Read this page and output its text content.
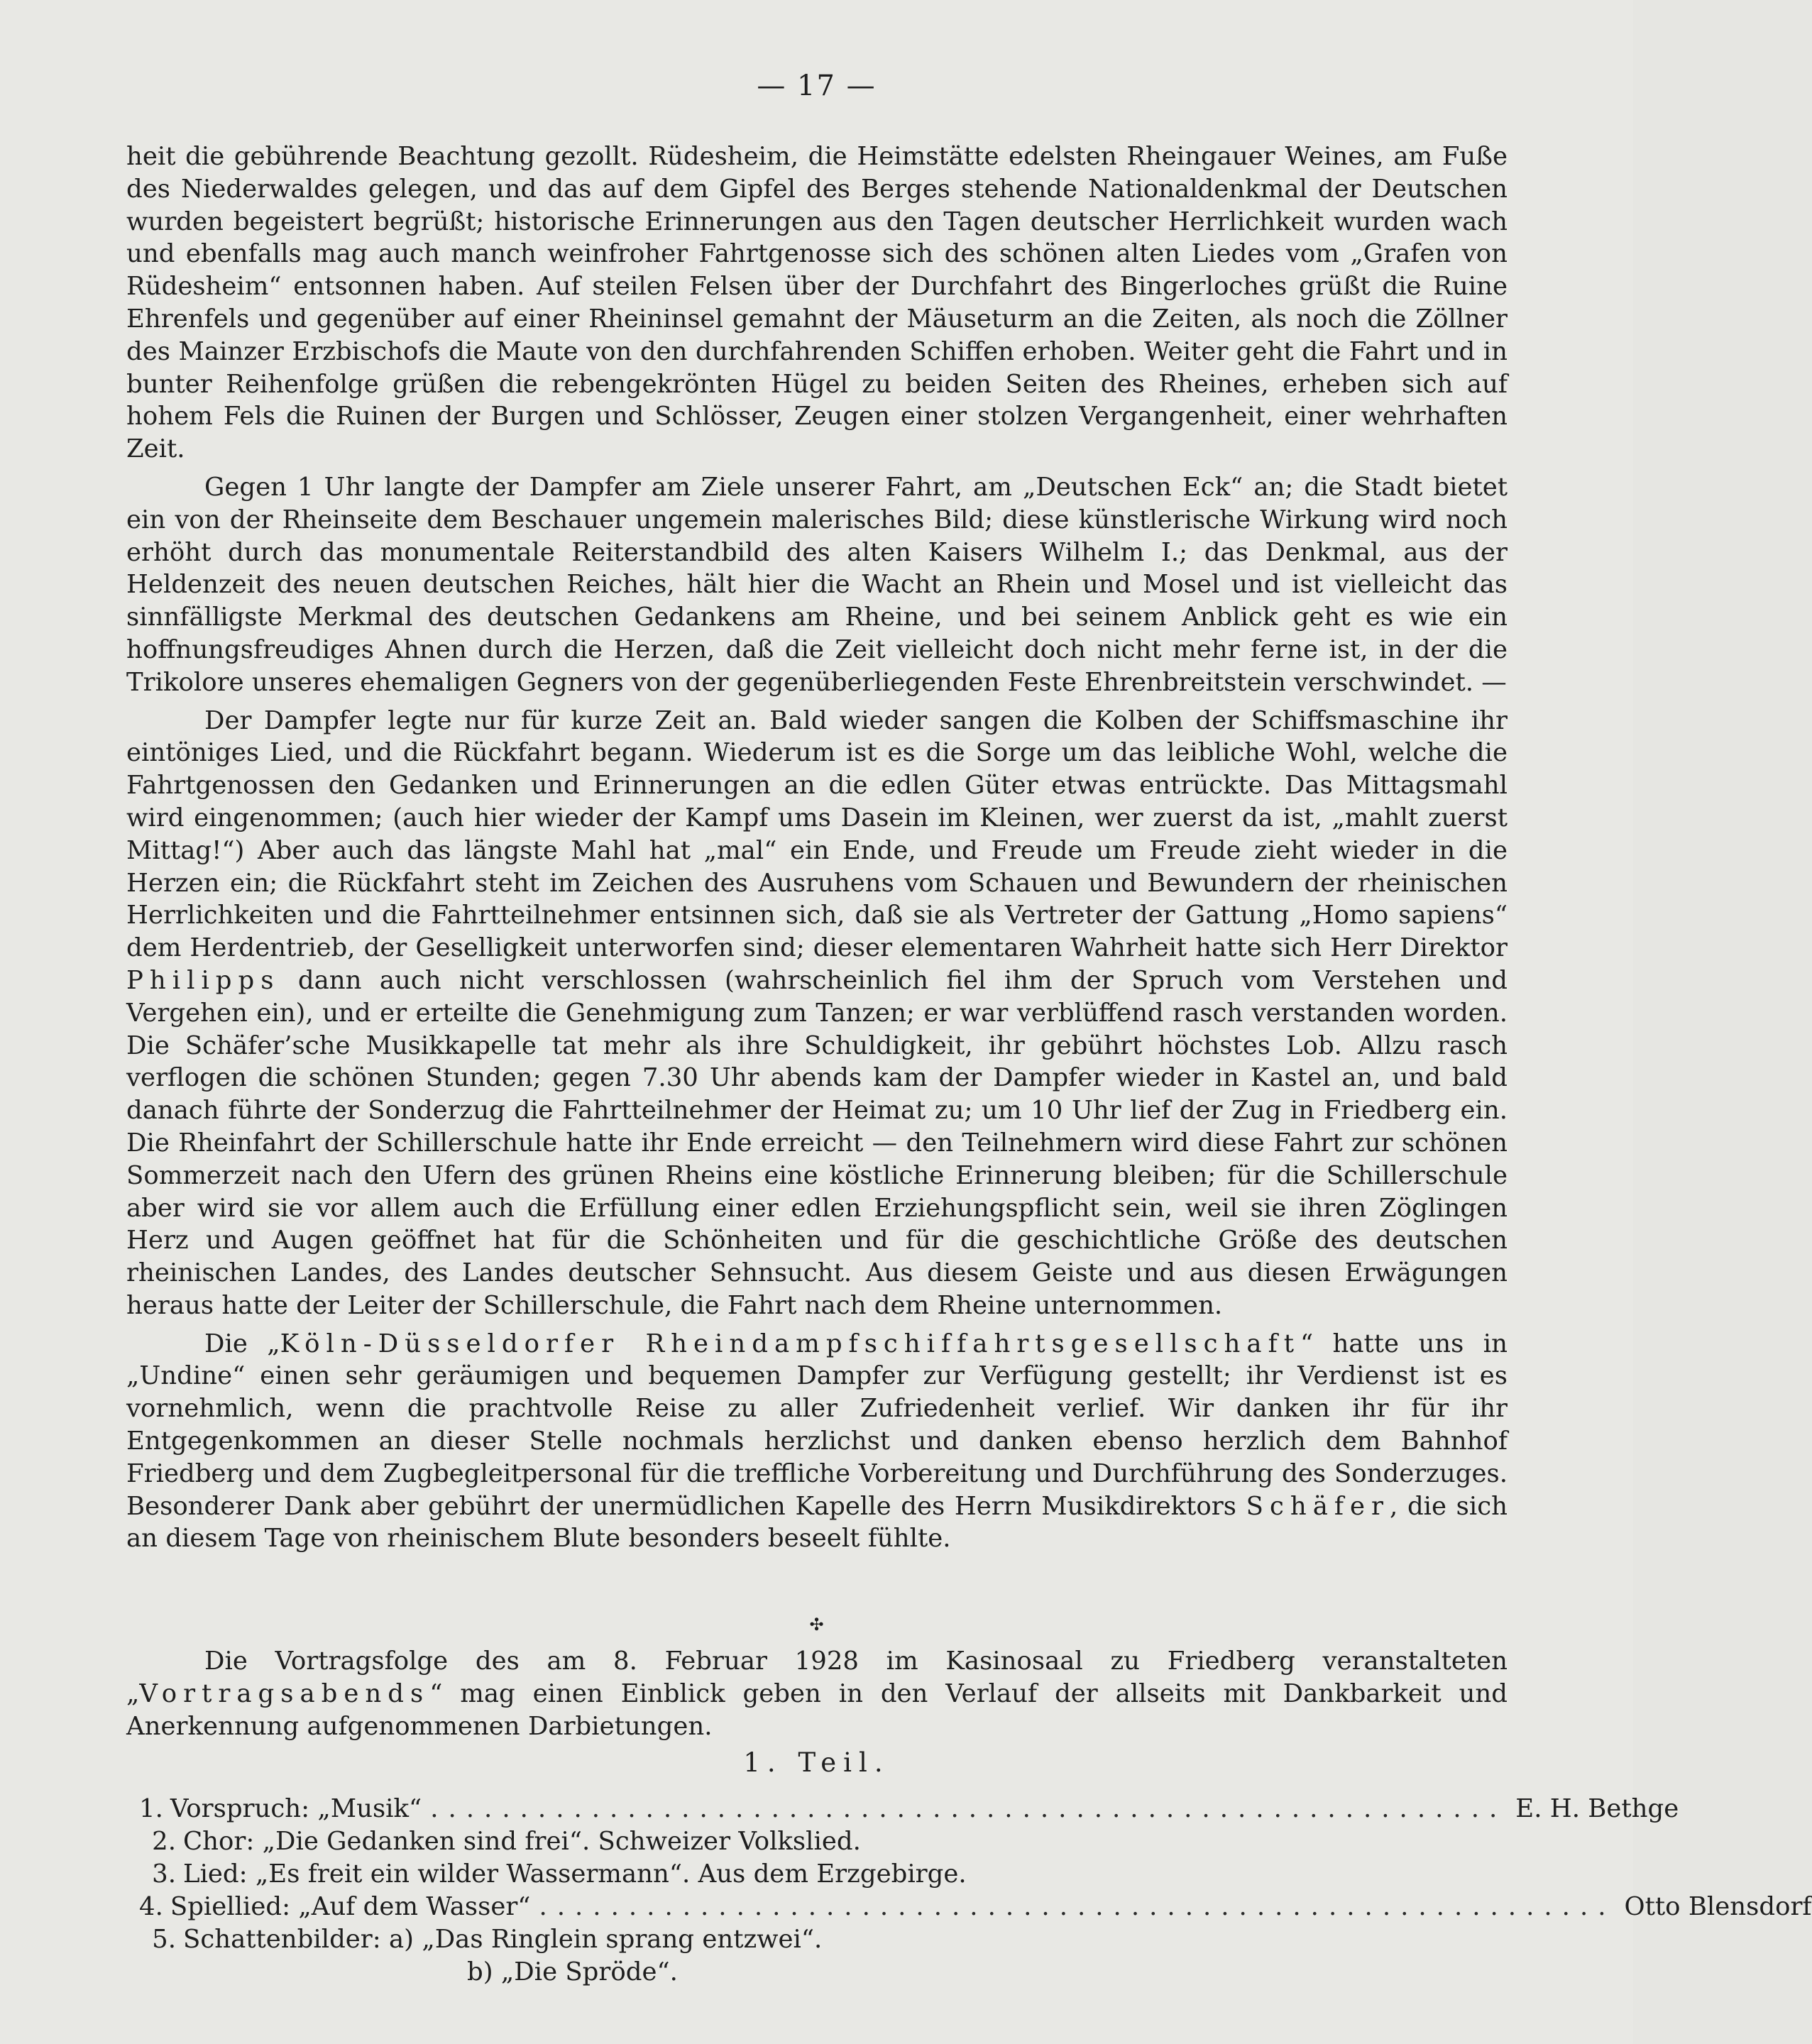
— 17 —

heit die gebührende Beachtung gezollt. Rüdesheim, die Heimstätte edelsten Rheingauer Weines, am Fuße des Niederwaldes gelegen, und das auf dem Gipfel des Berges stehende Nationaldenkmal der Deutschen wurden begeistert begrüßt; historische Erinnerungen aus den Tagen deutscher Herrlichkeit wurden wach und ebenfalls mag auch manch weinfroher Fahrtgenosse sich des schönen alten Liedes vom „Grafen von Rüdesheim“ entsonnen haben. Auf steilen Felsen über der Durchfahrt des Bingerloches grüßt die Ruine Ehrenfels und gegenüber auf einer Rheininsel gemahnt der Mäuseturm an die Zeiten, als noch die Zöllner des Mainzer Erzbischofs die Maute von den durchfahrenden Schiffen erhoben. Weiter geht die Fahrt und in bunter Reihenfolge grüßen die rebengekrönten Hügel zu beiden Seiten des Rheines, erheben sich auf hohem Fels die Ruinen der Burgen und Schlösser, Zeugen einer stolzen Vergangenheit, einer wehrhaften Zeit.

Gegen 1 Uhr langte der Dampfer am Ziele unserer Fahrt, am „Deutschen Eck“ an; die Stadt bietet ein von der Rheinseite dem Beschauer ungemein malerisches Bild; diese künstlerische Wirkung wird noch erhöht durch das monumentale Reiterstandbild des alten Kaisers Wilhelm I.; das Denkmal, aus der Heldenzeit des neuen deutschen Reiches, hält hier die Wacht an Rhein und Mosel und ist vielleicht das sinnfälligste Merkmal des deutschen Gedankens am Rheine, und bei seinem Anblick geht es wie ein hoffnungsfreudiges Ahnen durch die Herzen, daß die Zeit vielleicht doch nicht mehr ferne ist, in der die Trikolore unseres ehemaligen Gegners von der gegenüberliegenden Feste Ehrenbreitstein verschwindet. —

Der Dampfer legte nur für kurze Zeit an. Bald wieder sangen die Kolben der Schiffsmaschine ihr eintöniges Lied, und die Rückfahrt begann. Wiederum ist es die Sorge um das leibliche Wohl, welche die Fahrtgenossen den Gedanken und Erinnerungen an die edlen Güter etwas entrückte. Das Mittagsmahl wird eingenommen; (auch hier wieder der Kampf ums Dasein im Kleinen, wer zuerst da ist, „mahlt zuerst Mittag!“) Aber auch das längste Mahl hat „mal“ ein Ende, und Freude um Freude zieht wieder in die Herzen ein; die Rückfahrt steht im Zeichen des Ausruhens vom Schauen und Bewundern der rheinischen Herrlichkeiten und die Fahrtteilnehmer entsinnen sich, daß sie als Vertreter der Gattung „Homo sapiens“ dem Herdentrieb, der Geselligkeit unterworfen sind; dieser elementaren Wahrheit hatte sich Herr Direktor Philipps dann auch nicht verschlossen (wahrscheinlich fiel ihm der Spruch vom Verstehen und Vergehen ein), und er erteilte die Genehmigung zum Tanzen; er war verblüffend rasch verstanden worden. Die Schäfer’sche Musikkapelle tat mehr als ihre Schuldigkeit, ihr gebührt höchstes Lob. Allzu rasch verflogen die schönen Stunden; gegen 7.30 Uhr abends kam der Dampfer wieder in Kastel an, und bald danach führte der Sonderzug die Fahrtteilnehmer der Heimat zu; um 10 Uhr lief der Zug in Friedberg ein. Die Rheinfahrt der Schillerschule hatte ihr Ende erreicht — den Teilnehmern wird diese Fahrt zur schönen Sommerzeit nach den Ufern des grünen Rheins eine köstliche Erinnerung bleiben; für die Schillerschule aber wird sie vor allem auch die Erfüllung einer edlen Erziehungspflicht sein, weil sie ihren Zöglingen Herz und Augen geöffnet hat für die Schönheiten und für die geschichtliche Größe des deutschen rheinischen Landes, des Landes deutscher Sehnsucht. Aus diesem Geiste und aus diesen Erwägungen heraus hatte der Leiter der Schillerschule, die Fahrt nach dem Rheine unternommen.

Die „Köln-Düsseldorfer Rheindampfschiffahrtsgesellschaft“ hatte uns in „Undine“ einen sehr geräumigen und bequemen Dampfer zur Verfügung gestellt; ihr Verdienst ist es vornehmlich, wenn die prachtvolle Reise zu aller Zufriedenheit verlief. Wir danken ihr für ihr Entgegenkommen an dieser Stelle nochmals herzlichst und danken ebenso herzlich dem Bahnhof Friedberg und dem Zugbegleitpersonal für die treffliche Vorbereitung und Durchführung des Sonderzuges. Besonderer Dank aber gebührt der unermüdlichen Kapelle des Herrn Musikdirektors Schäfer, die sich an diesem Tage von rheinischem Blute besonders beseelt fühlte.

✣

Die Vortragsfolge des am 8. Februar 1928 im Kasinosaal zu Friedberg veranstalteten „Vortragsabends“ mag einen Einblick geben in den Verlauf der allseits mit Dankbarkeit und Anerkennung aufgenommenen Darbietungen.

1. Teil.
1. Vorspruch: „Musik“ ............................................................ E. H. Bethge
2. Chor: „Die Gedanken sind frei“. Schweizer Volkslied.
3. Lied: „Es freit ein wilder Wassermann“. Aus dem Erzgebirge.
4. Spiellied: „Auf dem Wasser“ ............................................................ Otto Blensdorf
5. Schattenbilder: a) „Das Ringlein sprang entzwei“.
b) „Die Spröde“.
